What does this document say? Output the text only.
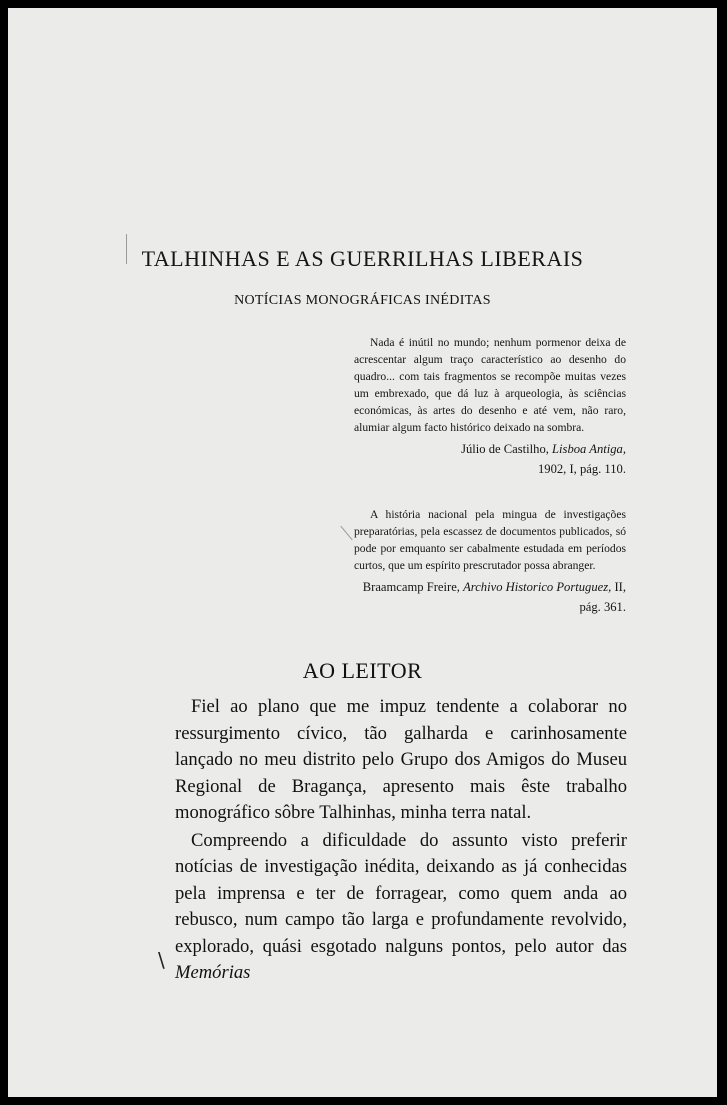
TALHINHAS E AS GUERRILHAS LIBERAIS
NOTÍCIAS MONOGRÁFICAS INÉDITAS

Nada é inútil no mundo; nenhum pormenor deixa de acrescentar algum traço característico ao desenho do quadro... com tais fragmentos se recompõe muitas vezes um embrexado, que dá luz à arqueologia, às sciências económicas, às artes do desenho e até vem, não raro, alumiar algum facto histórico deixado na sombra.

Júlio de Castilho, Lisboa Antiga,
1902, I, pág. 110.

A história nacional pela mingua de investigações preparatórias, pela escassez de documentos publicados, só pode por emquanto ser cabalmente estudada em períodos curtos, que um espírito prescrutador possa abranger.

Braamcamp Freire, Archivo Historico Portuguez, II, pág. 361.
AO LEITOR

Fiel ao plano que me impuz tendente a colaborar no ressurgimento cívico, tão galharda e carinhosamente lançado no meu distrito pelo Grupo dos Amigos do Museu Regional de Bragança, apresento mais êste trabalho monográfico sôbre Talhinhas, minha terra natal.

Compreendo a dificuldade do assunto visto preferir notícias de investigação inédita, deixando as já conhecidas pela imprensa e ter de forragear, como quem anda ao rebusco, num campo tão larga e profundamente revolvido, explorado, quási esgotado nalguns pontos, pelo autor das Memórias

\
